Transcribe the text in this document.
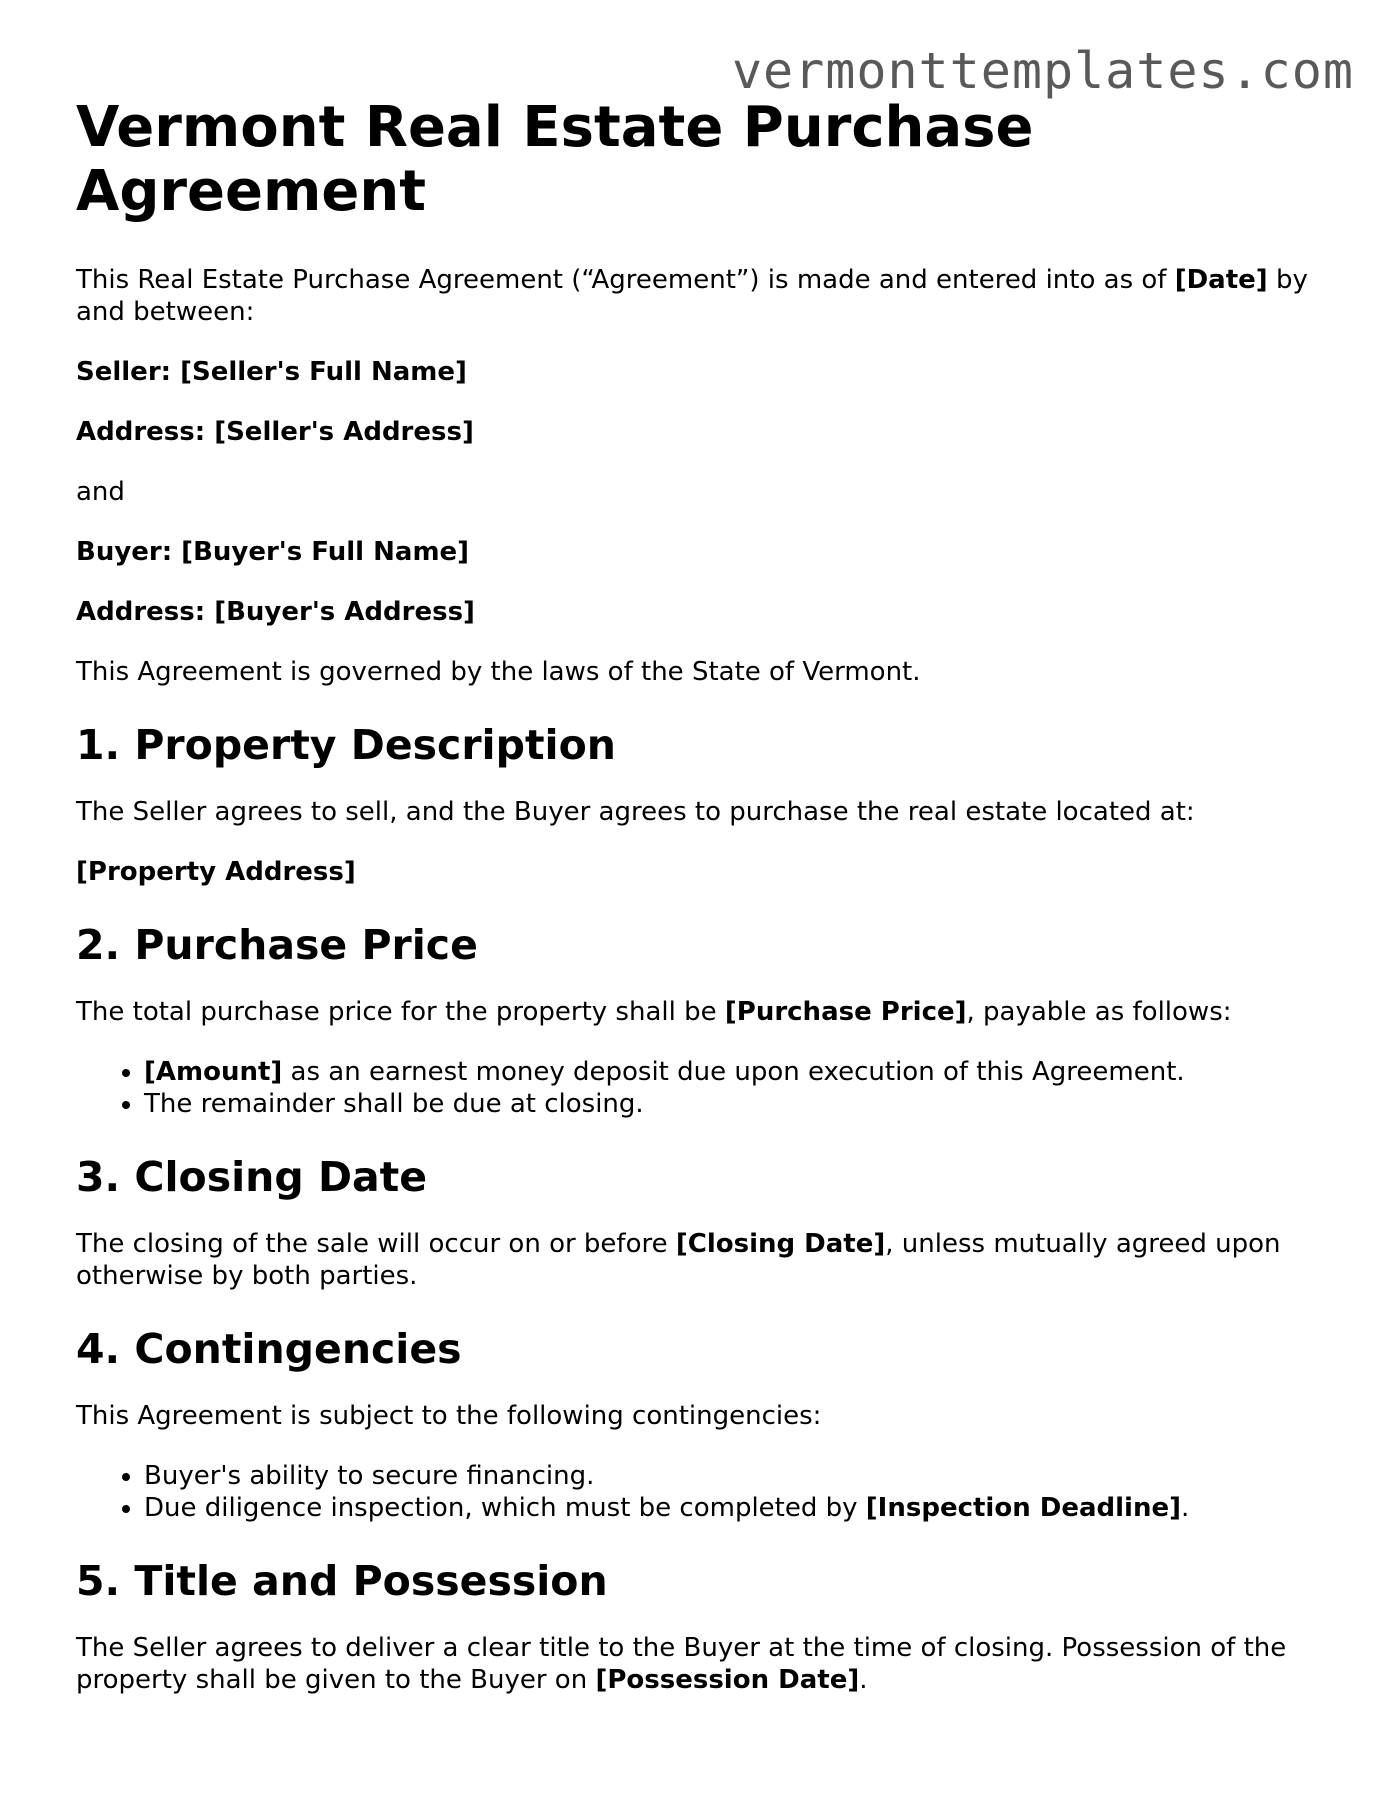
vermonttemplates.com
Vermont Real Estate Purchase Agreement

This Real Estate Purchase Agreement (“Agreement”) is made and entered into as of [Date] by and between:

Seller: [Seller's Full Name]

Address: [Seller's Address]

and

Buyer: [Buyer's Full Name]

Address: [Buyer's Address]

This Agreement is governed by the laws of the State of Vermont.

1. Property Description

The Seller agrees to sell, and the Buyer agrees to purchase the real estate located at:

[Property Address]

2. Purchase Price

The total purchase price for the property shall be [Purchase Price], payable as follows:

• [Amount] as an earnest money deposit due upon execution of this Agreement.
• The remainder shall be due at closing.
3. Closing Date

The closing of the sale will occur on or before [Closing Date], unless mutually agreed upon otherwise by both parties.

4. Contingencies

This Agreement is subject to the following contingencies:

• Buyer's ability to secure financing.
• Due diligence inspection, which must be completed by [Inspection Deadline].
5. Title and Possession

The Seller agrees to deliver a clear title to the Buyer at the time of closing. Possession of the property shall be given to the Buyer on [Possession Date].
